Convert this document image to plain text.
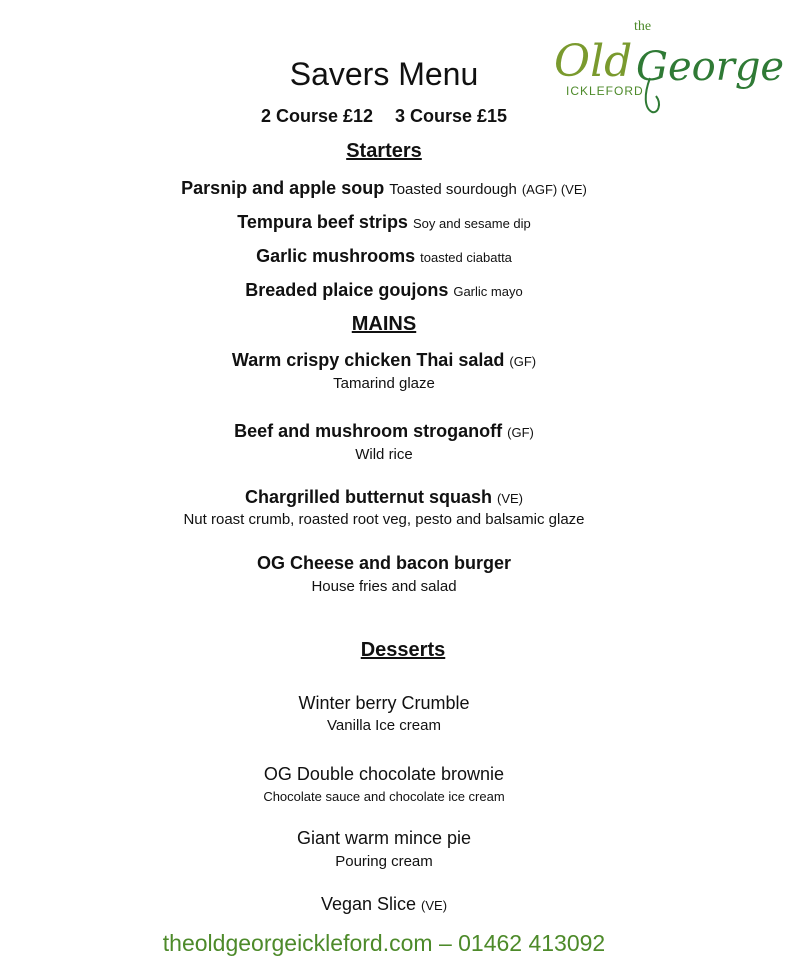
the
Old George
ICKLEFORD
Savers Menu
2 Course £12 3 Course £15
Starters
Parsnip and apple soup Toasted sourdough (AGF) (VE)
Tempura beef strips Soy and sesame dip
Garlic mushrooms toasted ciabatta
Breaded plaice goujons Garlic mayo
MAINS
Warm crispy chicken Thai salad (GF)
Tamarind glaze
Beef and mushroom stroganoff (GF)
Wild rice
Chargrilled butternut squash (VE)
Nut roast crumb, roasted root veg, pesto and balsamic glaze
OG Cheese and bacon burger
House fries and salad
Desserts
Winter berry Crumble
Vanilla Ice cream
OG Double chocolate brownie
Chocolate sauce and chocolate ice cream
Giant warm mince pie
Pouring cream
Vegan Slice (VE)
theoldgeorgeickleford.com – 01462 413092
